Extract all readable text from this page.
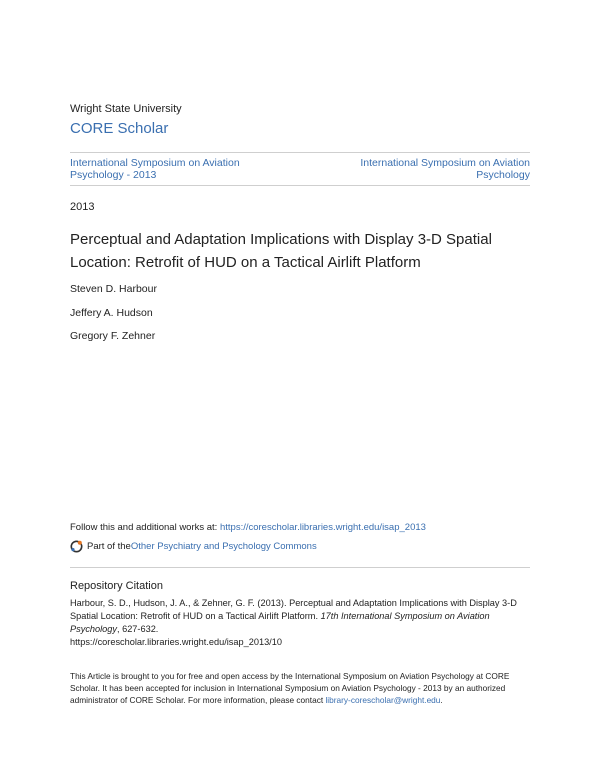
Wright State University
CORE Scholar
International Symposium on Aviation Psychology - 2013
International Symposium on Aviation Psychology
2013
Perceptual and Adaptation Implications with Display 3-D Spatial Location: Retrofit of HUD on a Tactical Airlift Platform
Steven D. Harbour
Jeffery A. Hudson
Gregory F. Zehner
Follow this and additional works at: https://corescholar.libraries.wright.edu/isap_2013
Part of the Other Psychiatry and Psychology Commons
Repository Citation
Harbour, S. D., Hudson, J. A., & Zehner, G. F. (2013). Perceptual and Adaptation Implications with Display 3-D Spatial Location: Retrofit of HUD on a Tactical Airlift Platform. 17th International Symposium on Aviation Psychology, 627-632.
https://corescholar.libraries.wright.edu/isap_2013/10
This Article is brought to you for free and open access by the International Symposium on Aviation Psychology at CORE Scholar. It has been accepted for inclusion in International Symposium on Aviation Psychology - 2013 by an authorized administrator of CORE Scholar. For more information, please contact library-corescholar@wright.edu.
